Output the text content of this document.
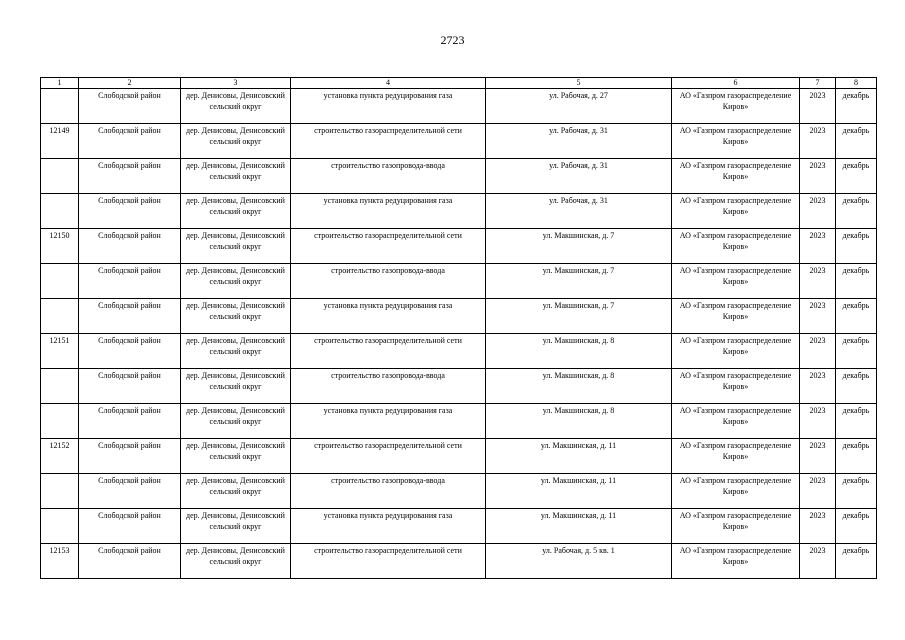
2723
1	2	3	4	5	6	7	8
	Слободской район	дер. Денисовы, Денисовский сельский округ	установка пункта редуцирования газа	ул. Рабочая, д. 27	АО «Газпром газораспределение Киров»	2023	декабрь
12149	Слободской район	дер. Денисовы, Денисовский сельский округ	строительство газораспределительной сети	ул. Рабочая, д. 31	АО «Газпром газораспределение Киров»	2023	декабрь
	Слободской район	дер. Денисовы, Денисовский сельский округ	строительство газопровода-ввода	ул. Рабочая, д. 31	АО «Газпром газораспределение Киров»	2023	декабрь
	Слободской район	дер. Денисовы, Денисовский сельский округ	установка пункта редуцирования газа	ул. Рабочая, д. 31	АО «Газпром газораспределение Киров»	2023	декабрь
12150	Слободской район	дер. Денисовы, Денисовский сельский округ	строительство газораспределительной сети	ул. Макшинская, д. 7	АО «Газпром газораспределение Киров»	2023	декабрь
	Слободской район	дер. Денисовы, Денисовский сельский округ	строительство газопровода-ввода	ул. Макшинская, д. 7	АО «Газпром газораспределение Киров»	2023	декабрь
	Слободской район	дер. Денисовы, Денисовский сельский округ	установка пункта редуцирования газа	ул. Макшинская, д. 7	АО «Газпром газораспределение Киров»	2023	декабрь
12151	Слободской район	дер. Денисовы, Денисовский сельский округ	строительство газораспределительной сети	ул. Макшинская, д. 8	АО «Газпром газораспределение Киров»	2023	декабрь
	Слободской район	дер. Денисовы, Денисовский сельский округ	строительство газопровода-ввода	ул. Макшинская, д. 8	АО «Газпром газораспределение Киров»	2023	декабрь
	Слободской район	дер. Денисовы, Денисовский сельский округ	установка пункта редуцирования газа	ул. Макшинская, д. 8	АО «Газпром газораспределение Киров»	2023	декабрь
12152	Слободской район	дер. Денисовы, Денисовский сельский округ	строительство газораспределительной сети	ул. Макшинская, д. 11	АО «Газпром газораспределение Киров»	2023	декабрь
	Слободской район	дер. Денисовы, Денисовский сельский округ	строительство газопровода-ввода	ул. Макшинская, д. 11	АО «Газпром газораспределение Киров»	2023	декабрь
	Слободской район	дер. Денисовы, Денисовский сельский округ	установка пункта редуцирования газа	ул. Макшинская, д. 11	АО «Газпром газораспределение Киров»	2023	декабрь
12153	Слободской район	дер. Денисовы, Денисовский сельский округ	строительство газораспределительной сети	ул. Рабочая, д. 5 кв. 1	АО «Газпром газораспределение Киров»	2023	декабрь
